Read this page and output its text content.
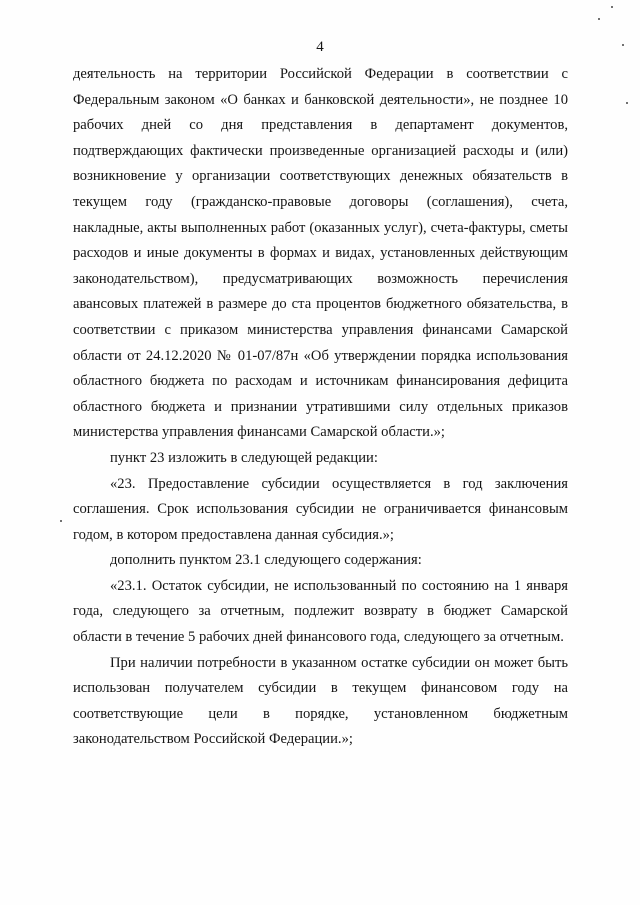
4

деятельность на территории Российской Федерации в соответствии с Федеральным законом «О банках и банковской деятельности», не позднее 10 рабочих дней со дня представления в департамент документов, подтверждающих фактически произведенные организацией расходы и (или) возникновение у организации соответствующих денежных обязательств в текущем году (гражданско-правовые договоры (соглашения), счета, накладные, акты выполненных работ (оказанных услуг), счета-фактуры, сметы расходов и иные документы в формах и видах, установленных действующим законодательством), предусматривающих возможность перечисления авансовых платежей в размере до ста процентов бюджетного обязательства, в соответствии с приказом министерства управления финансами Самарской области от 24.12.2020 № 01-07/87н «Об утверждении порядка использования областного бюджета по расходам и источникам финансирования дефицита областного бюджета и признании утратившими силу отдельных приказов министерства управления финансами Самарской области.»;

пункт 23 изложить в следующей редакции:

«23. Предоставление субсидии осуществляется в год заключения соглашения. Срок использования субсидии не ограничивается финансовым годом, в котором предоставлена данная субсидия.»;

дополнить пунктом 23.1 следующего содержания:

«23.1. Остаток субсидии, не использованный по состоянию на 1 января года, следующего за отчетным, подлежит возврату в бюджет Самарской области в течение 5 рабочих дней финансового года, следующего за отчетным.

При наличии потребности в указанном остатке субсидии он может быть использован получателем субсидии в текущем финансовом году на соответствующие цели в порядке, установленном бюджетным законодательством Российской Федерации.»;
